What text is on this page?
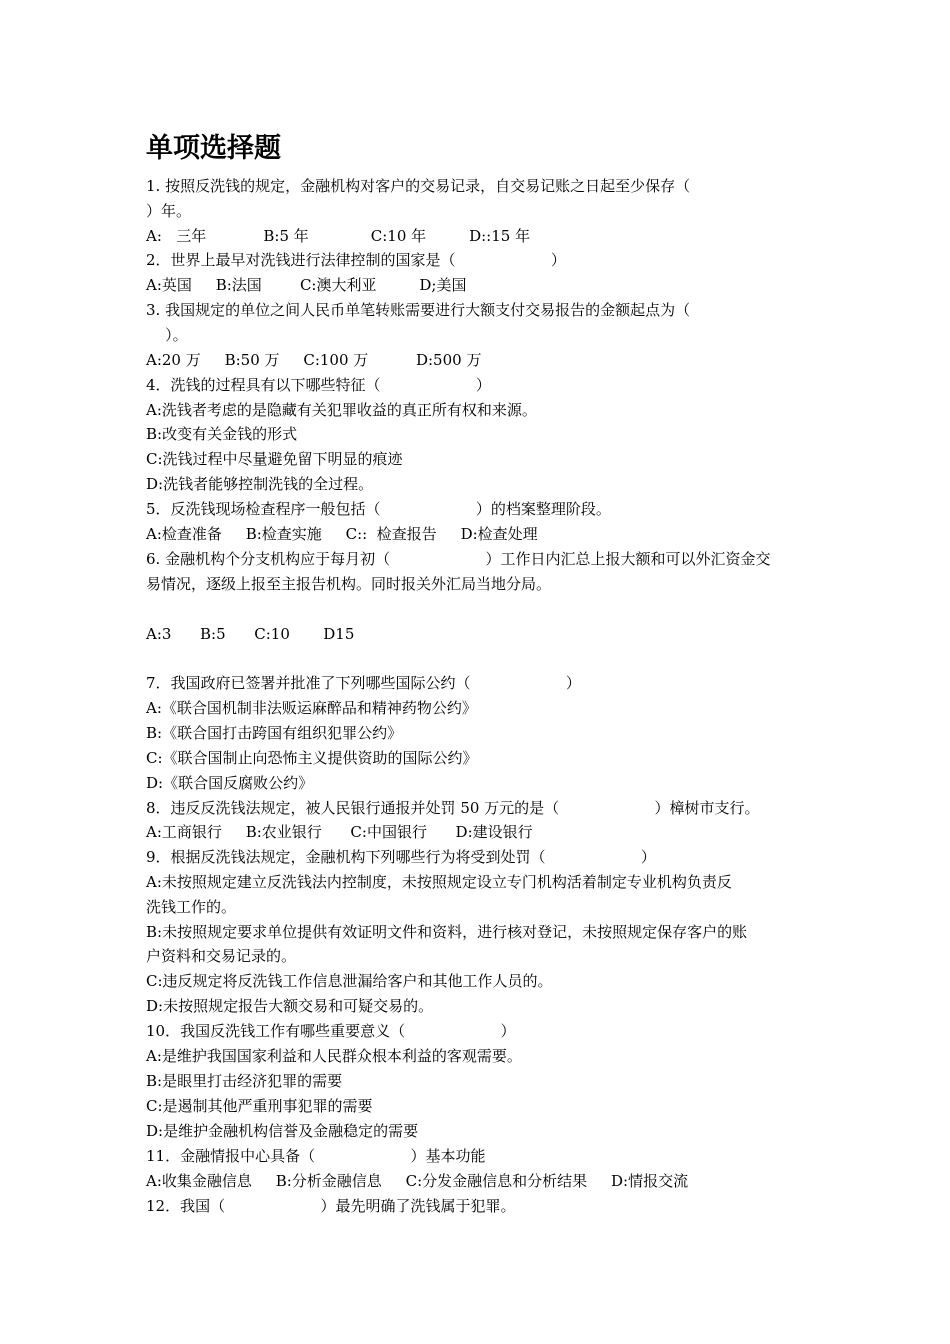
单项选择题
1. 按照反洗钱的规定，金融机构对客户的交易记录，自交易记账之日起至少保存（
）年。
A:   三年            B:5 年             C:10 年         D::15 年
2．世界上最早对洗钱进行法律控制的国家是（                    ）
A:英国     B:法国        C:澳大利亚         D;美国
3. 我国规定的单位之间人民币单笔转账需要进行大额支付交易报告的金额起点为（
）。
A:20 万     B:50 万     C:100 万          D:500 万
4．洗钱的过程具有以下哪些特征（                    ）
A:洗钱者考虑的是隐藏有关犯罪收益的真正所有权和来源。
B:改变有关金钱的形式
C:洗钱过程中尽量避免留下明显的痕迹
D:洗钱者能够控制洗钱的全过程。
5．反洗钱现场检查程序一般包括（                    ）的档案整理阶段。
A:检查准备     B:检查实施     C::  检查报告     D:检查处理
6. 金融机构个分支机构应于每月初（                    ）工作日内汇总上报大额和可以外汇资金交
易情况，逐级上报至主报告机构。同时报关外汇局当地分局。
A:3      B:5      C:10       D15
7．我国政府已签署并批准了下列哪些国际公约（                    ）
A:《联合国机制非法贩运麻醉品和精神药物公约》
B:《联合国打击跨国有组织犯罪公约》
C:《联合国制止向恐怖主义提供资助的国际公约》
D:《联合国反腐败公约》
8．违反反洗钱法规定，被人民银行通报并处罚 50 万元的是（                    ）樟树市支行。
A:工商银行     B:农业银行      C:中国银行      D:建设银行
9．根据反洗钱法规定，金融机构下列哪些行为将受到处罚（                    ）
A:未按照规定建立反洗钱法内控制度，未按照规定设立专门机构活着制定专业机构负责反
洗钱工作的。
B:未按照规定要求单位提供有效证明文件和资料，进行核对登记，未按照规定保存客户的账
户资料和交易记录的。
C:违反规定将反洗钱工作信息泄漏给客户和其他工作人员的。
D:未按照规定报告大额交易和可疑交易的。
10．我国反洗钱工作有哪些重要意义（                    ）
A:是维护我国国家利益和人民群众根本利益的客观需要。
B:是眼里打击经济犯罪的需要
C:是遏制其他严重刑事犯罪的需要
D:是维护金融机构信誉及金融稳定的需要
11．金融情报中心具备（                    ）基本功能
A:收集金融信息     B:分析金融信息     C:分发金融信息和分析结果     D:情报交流
12．我国（                    ）最先明确了洗钱属于犯罪。
